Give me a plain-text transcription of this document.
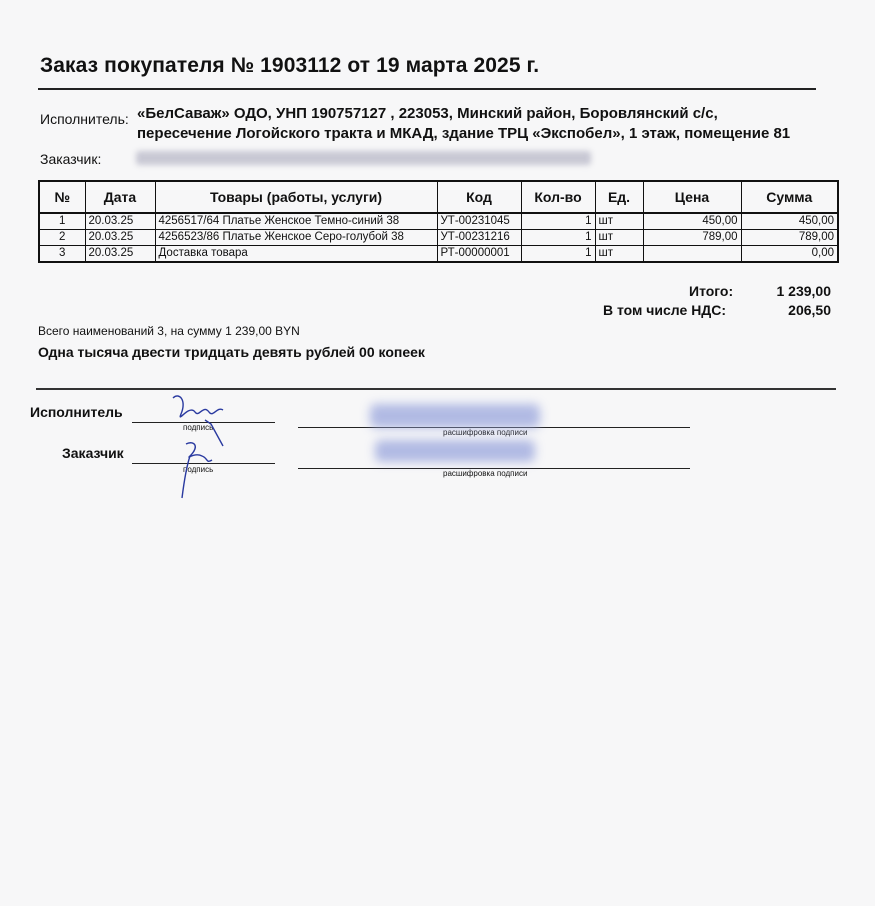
Заказ покупателя № 1903112 от 19 марта 2025 г.
Исполнитель: «БелСаваж» ОДО, УНП 190757127 , 223053, Минский район, Боровлянский с/с,
пересечение Логойского тракта и МКАД, здание ТРЦ «Экспобел», 1 этаж, помещение 81
Заказчик:
№	Дата	Товары (работы, услуги)	Код	Кол-во	Ед.	Цена	Сумма
1	20.03.25	4256517/64 Платье Женское Темно-синий 38	УТ-00231045	1	шт	450,00	450,00
2	20.03.25	4256523/86 Платье Женское Серо-голубой 38	УТ-00231216	1	шт	789,00	789,00
3	20.03.25	Доставка товара	РТ-00000001	1	шт		0,00
Итого:	1 239,00
В том числе НДС:	206,50
Всего наименований 3, на сумму 1 239,00 BYN
Одна тысяча двести тридцать девять рублей 00 копеек
Исполнитель
подпись
расшифровка подписи
Заказчик
подпись	расшифровка подписи
